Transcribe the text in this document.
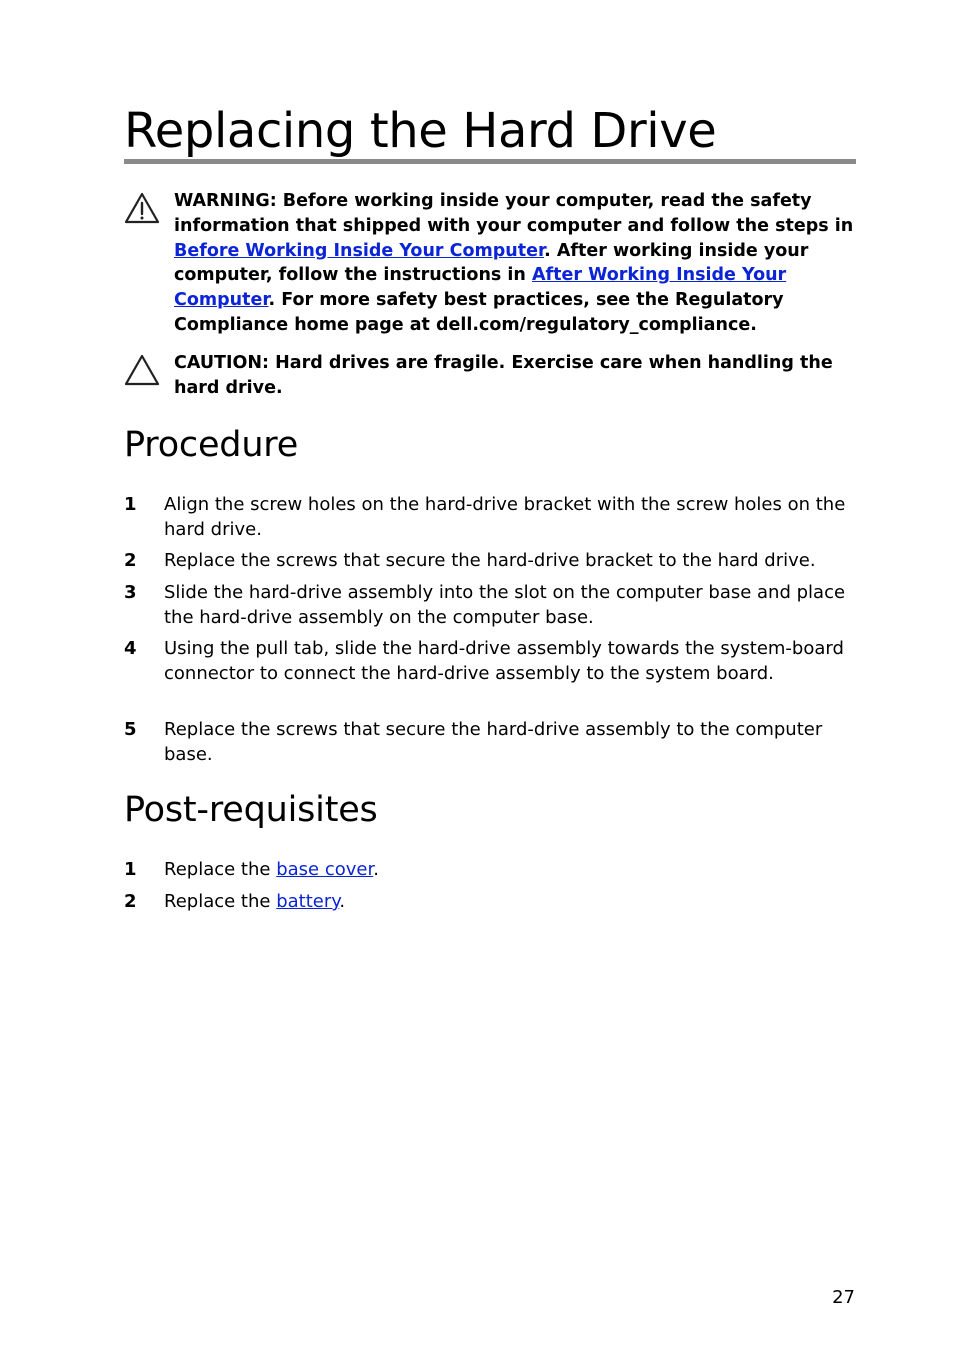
Replacing the Hard Drive

WARNING: Before working inside your computer, read the safety information that shipped with your computer and follow the steps in Before Working Inside Your Computer. After working inside your computer, follow the instructions in After Working Inside Your Computer. For more safety best practices, see the Regulatory Compliance home page at dell.com/regulatory_compliance.

CAUTION: Hard drives are fragile. Exercise care when handling the hard drive.

Procedure
1 Align the screw holes on the hard-drive bracket with the screw holes on the hard drive.

2 Replace the screws that secure the hard-drive bracket to the hard drive.

3 Slide the hard-drive assembly into the slot on the computer base and place the hard-drive assembly on the computer base.

4 Using the pull tab, slide the hard-drive assembly towards the system-board connector to connect the hard-drive assembly to the system board.

5 Replace the screws that secure the hard-drive assembly to the computer base.

Post-requisites
1 Replace the base cover.

2 Replace the battery.

27
